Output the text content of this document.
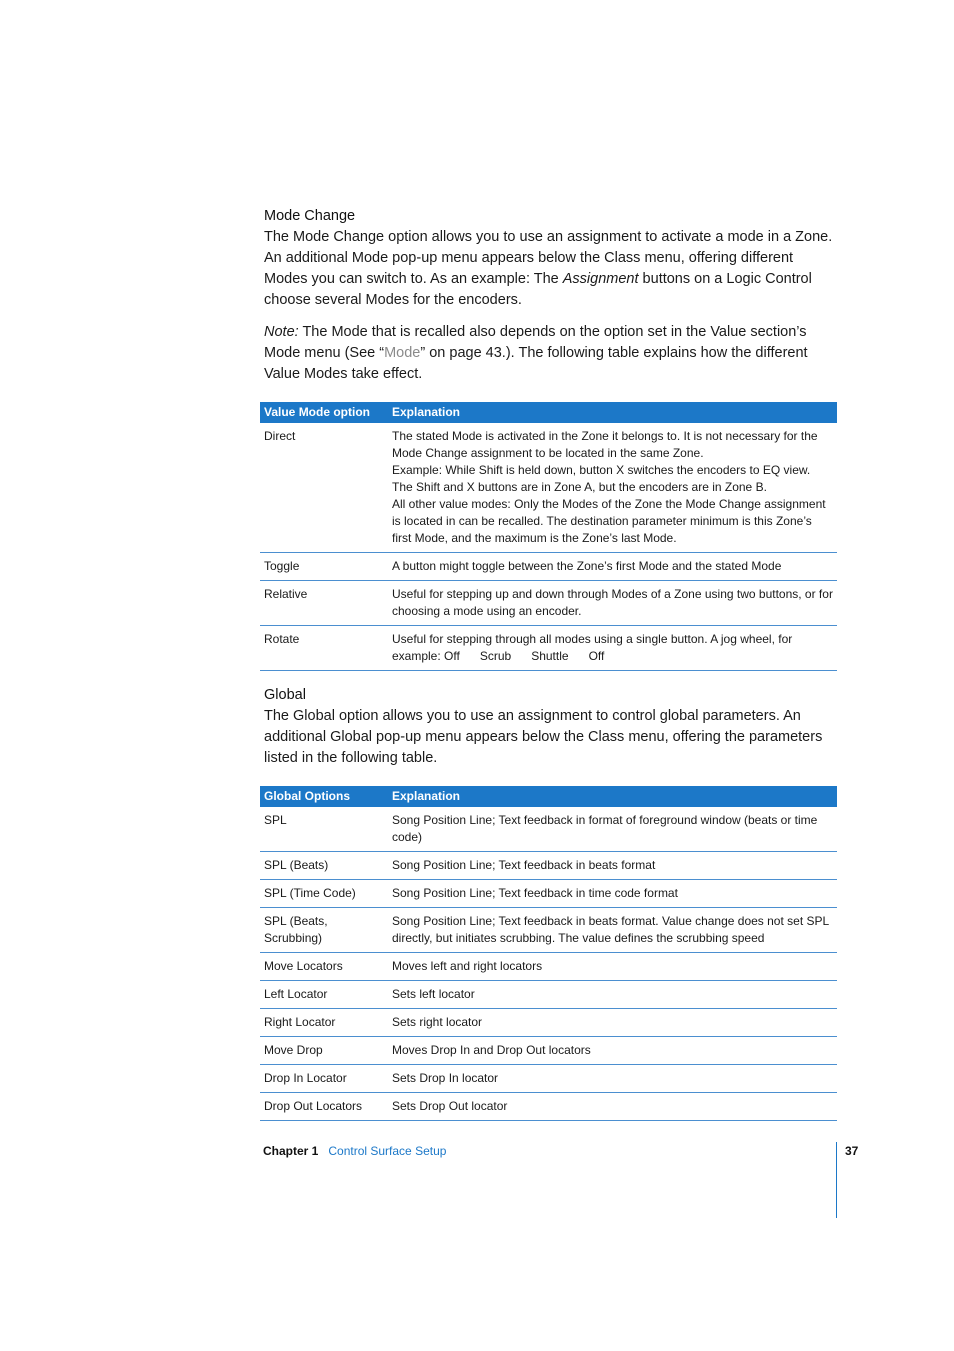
Mode Change

The Mode Change option allows you to use an assignment to activate a mode in a Zone. An additional Mode pop-up menu appears below the Class menu, offering different Modes you can switch to. As an example: The Assignment buttons on a Logic Control choose several Modes for the encoders.

Note: The Mode that is recalled also depends on the option set in the Value section’s Mode menu (See “Mode” on page 43.). The following table explains how the different Value Modes take effect.

Value Mode option	Explanation
Direct	The stated Mode is activated in the Zone it belongs to. It is not necessary for the Mode Change assignment to be located in the same Zone.
Example: While Shift is held down, button X switches the encoders to EQ view. The Shift and X buttons are in Zone A, but the encoders are in Zone B.
All other value modes: Only the Modes of the Zone the Mode Change assignment is located in can be recalled. The destination parameter minimum is this Zone’s first Mode, and the maximum is the Zone’s last Mode.

Toggle	A button might toggle between the Zone’s first Mode and the stated Mode
Relative	Useful for stepping up and down through Modes of a Zone using two buttons, or for choosing a mode using an encoder.
Rotate	Useful for stepping through all modes using a single button. A jog wheel, for example: Off Scrub Shuttle Off
Global

The Global option allows you to use an assignment to control global parameters. An additional Global pop-up menu appears below the Class menu, offering the parameters listed in the following table.

Global Options	Explanation
SPL	Song Position Line; Text feedback in format of foreground window (beats or time code)
SPL (Beats)	Song Position Line; Text feedback in beats format
SPL (Time Code)	Song Position Line; Text feedback in time code format
SPL (Beats, Scrubbing)	Song Position Line; Text feedback in beats format. Value change does not set SPL directly, but initiates scrubbing. The value defines the scrubbing speed
Move Locators	Moves left and right locators
Left Locator	Sets left locator
Right Locator	Sets right locator
Move Drop	Moves Drop In and Drop Out locators
Drop In Locator	Sets Drop In locator
Drop Out Locators	Sets Drop Out locator
Chapter 1 Control Surface Setup	37
